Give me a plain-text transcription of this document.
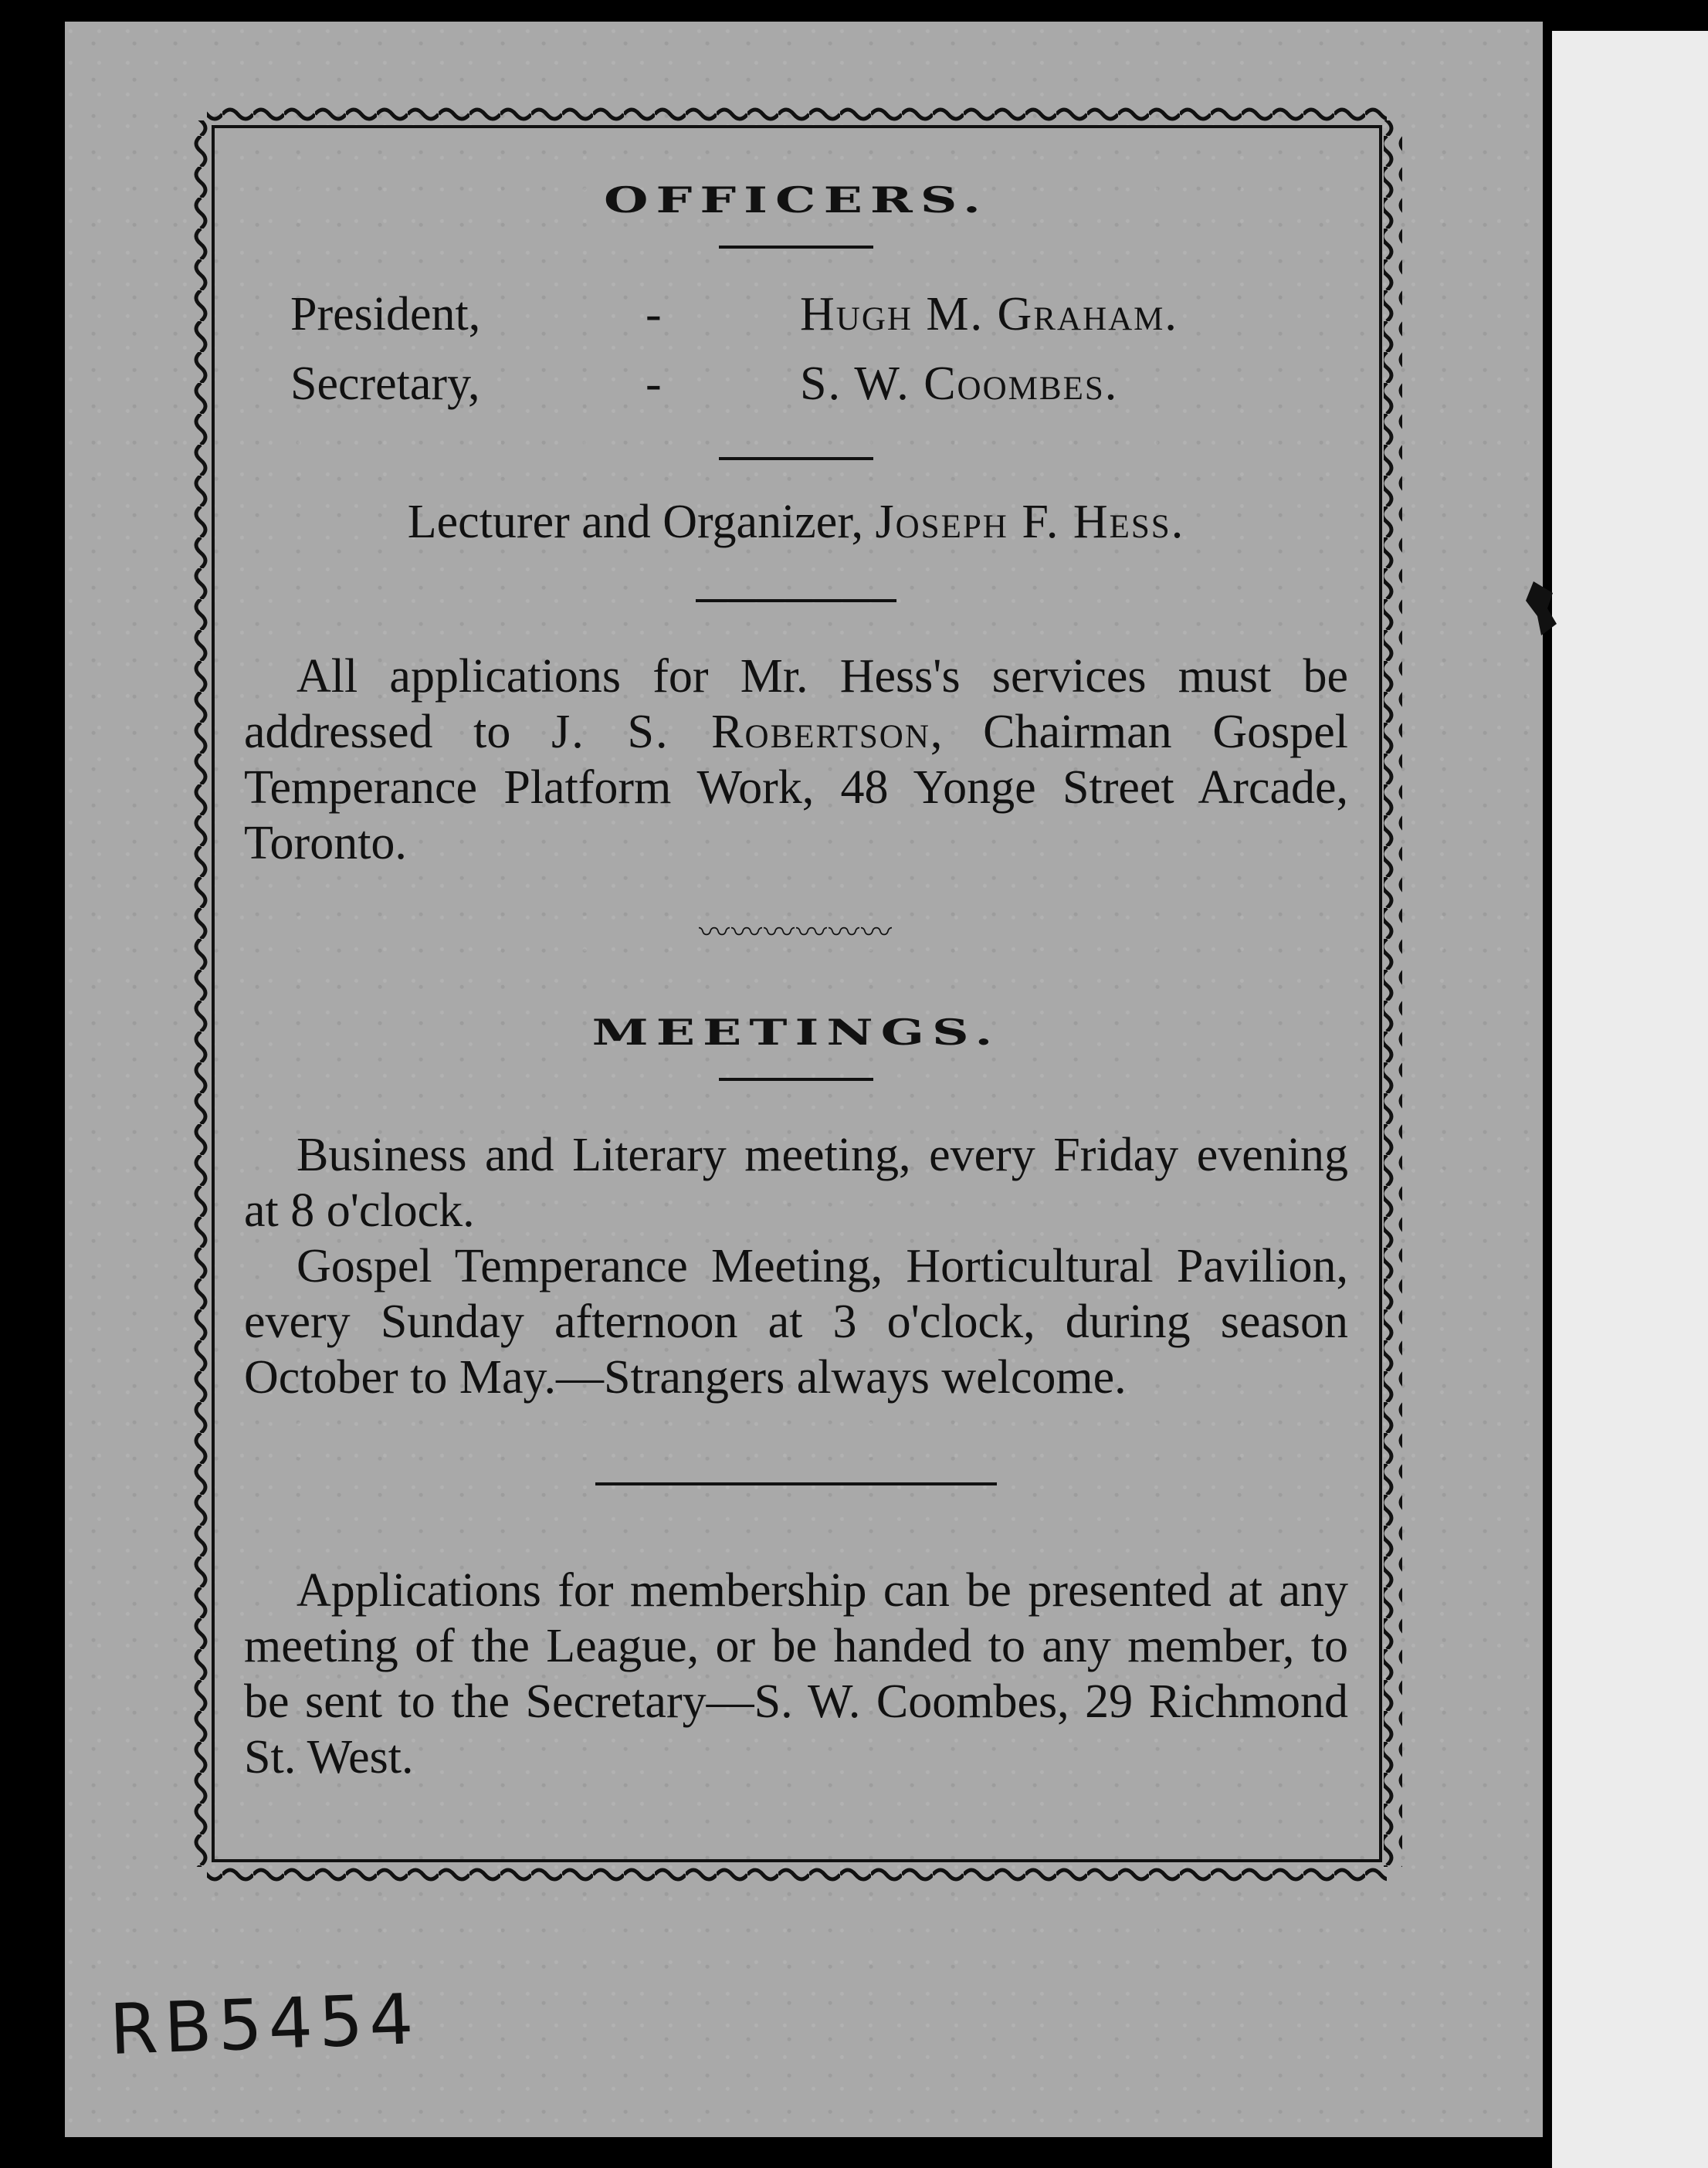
OFFICERS.
President,	-	Hugh M. Graham.
Secretary,	-	S. W. Coombes.
Lecturer and Organizer, Joseph F. Hess.

All applications for Mr. Hess's services must be addressed to J. S. Robertson, Chairman Gospel Temperance Platform Work, 48 Yonge Street Arcade, Toronto.

〰〰〰〰〰〰
MEETINGS.

Business and Literary meeting, every Friday evening at 8 o'clock.

Gospel Temperance Meeting, Horticultural Pavilion, every Sunday afternoon at 3 o'clock, during season October to May.—Strangers always welcome.

Applications for membership can be presented at any meeting of the League, or be handed to any member, to be sent to the Secretary—S. W. Coombes, 29 Richmond St. West.

RB5454
